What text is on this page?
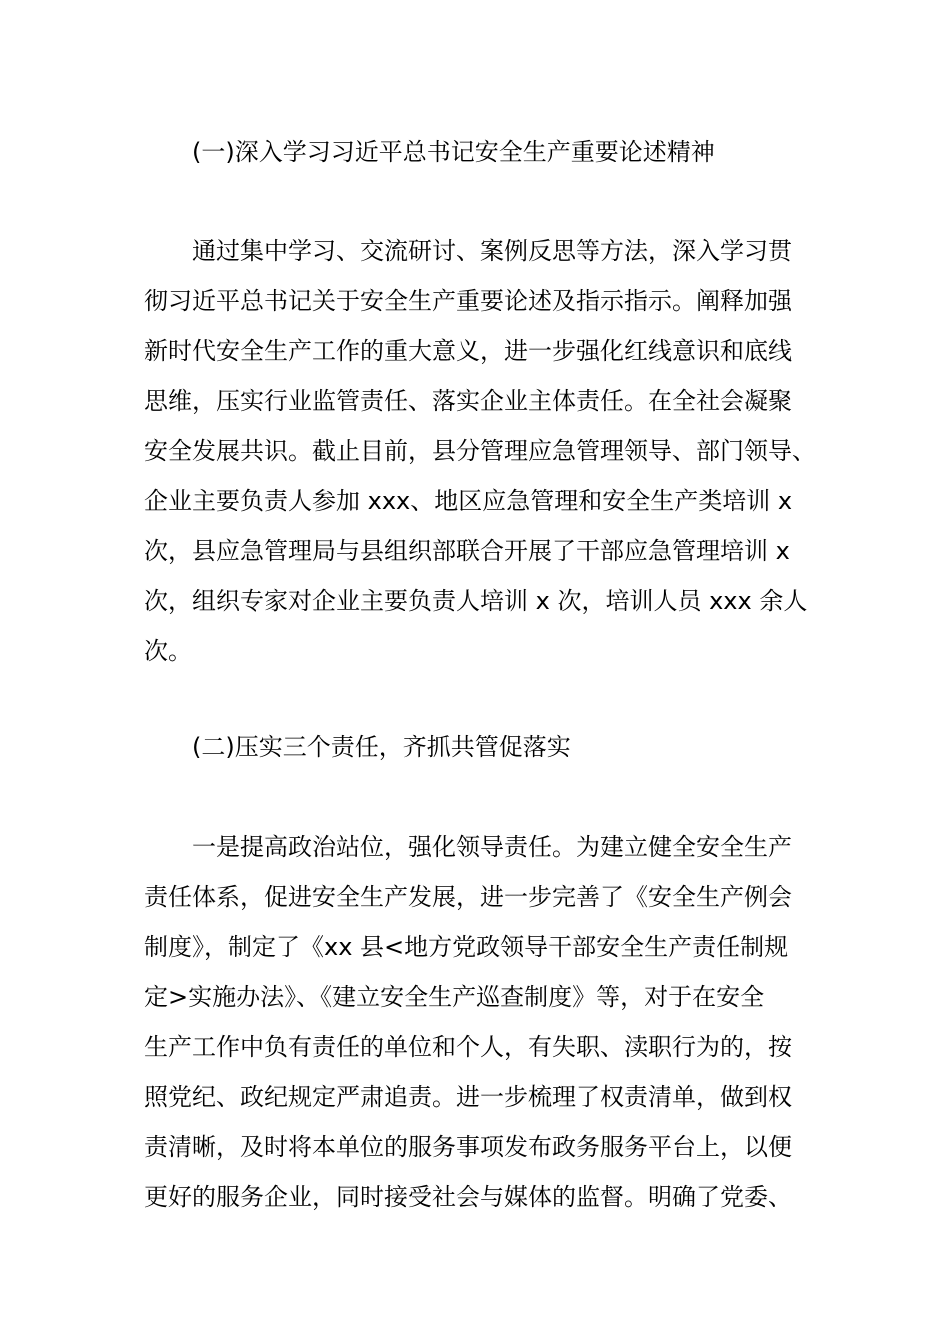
(一)深入学习习近平总书记安全生产重要论述精神
通过集中学习、交流研讨、案例反思等方法，深入学习贯
彻习近平总书记关于安全生产重要论述及指示指示。阐释加强
新时代安全生产工作的重大意义，进一步强化红线意识和底线
思维，压实行业监管责任、落实企业主体责任。在全社会凝聚
安全发展共识。截止目前，县分管理应急管理领导、部门领导、
企业主要负责人参加 xxx、地区应急管理和安全生产类培训 x
次，县应急管理局与县组织部联合开展了干部应急管理培训 x
次，组织专家对企业主要负责人培训 x 次，培训人员 xxx 余人
次。
(二)压实三个责任，齐抓共管促落实
一是提高政治站位，强化领导责任。为建立健全安全生产
责任体系，促进安全生产发展，进一步完善了《安全生产例会
制度》，制定了《xx 县<地方党政领导干部安全生产责任制规
定>实施办法》、《建立安全生产巡查制度》等，对于在安全
生产工作中负有责任的单位和个人，有失职、渎职行为的，按
照党纪、政纪规定严肃追责。进一步梳理了权责清单，做到权
责清晰，及时将本单位的服务事项发布政务服务平台上，以便
更好的服务企业，同时接受社会与媒体的监督。明确了党委、
